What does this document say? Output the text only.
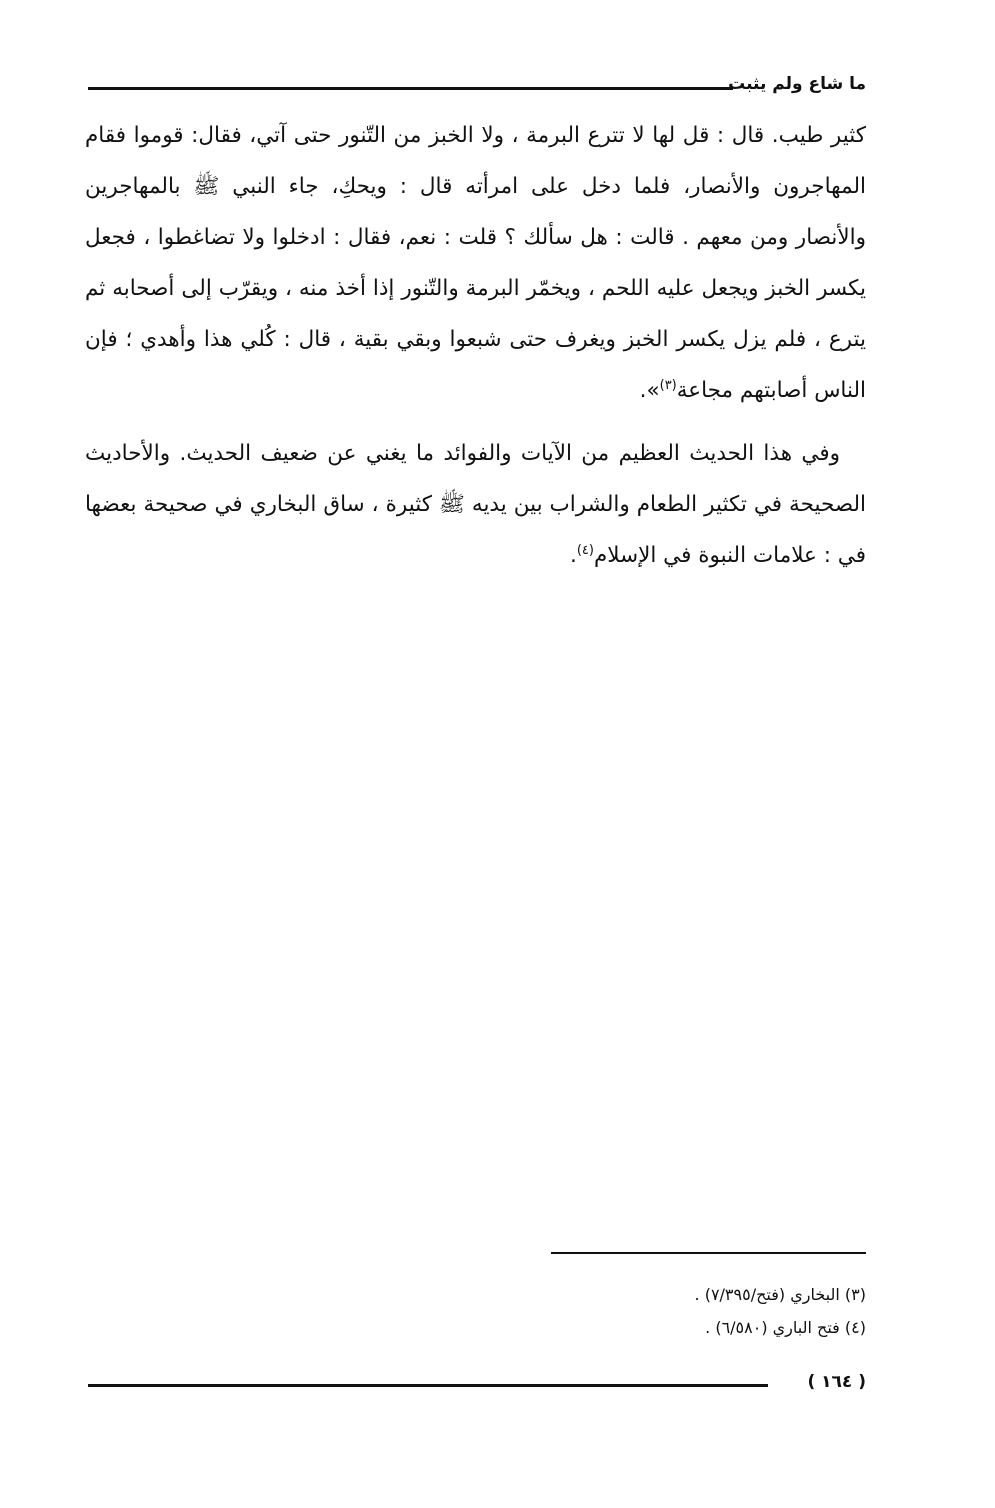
ما شاع ولم يثبت

كثير طيب. قال : قل لها لا تترع البرمة ، ولا الخبز من التّنور حتى آتي، فقال: قوموا فقام المهاجرون والأنصار، فلما دخل على امرأته قال : ويحكِ، جاء النبي ﷺ بالمهاجرين والأنصار ومن معهم . قالت : هل سألك ؟ قلت : نعم، فقال : ادخلوا ولا تضاغطوا ، فجعل يكسر الخبز ويجعل عليه اللحم ، ويخمّر البرمة والتّنور إذا أخذ منه ، ويقرّب إلى أصحابه ثم يترع ، فلم يزل يكسر الخبز ويغرف حتى شبعوا وبقي بقية ، قال : كُلي هذا وأهدي ؛ فإن الناس أصابتهم مجاعة$^{(٣)}$».

وفي هذا الحديث العظيم من الآيات والفوائد ما يغني عن ضعيف الحديث. والأحاديث الصحيحة في تكثير الطعام والشراب بين يديه ﷺ كثيرة ، ساق البخاري في صحيحة بعضها في : علامات النبوة في الإسلام$^{(٤)}$.

(٣) البخاري (فتح/٧/٣٩٥) .

(٤) فتح الباري (٦/٥٨٠) .

( ١٦٤ )
